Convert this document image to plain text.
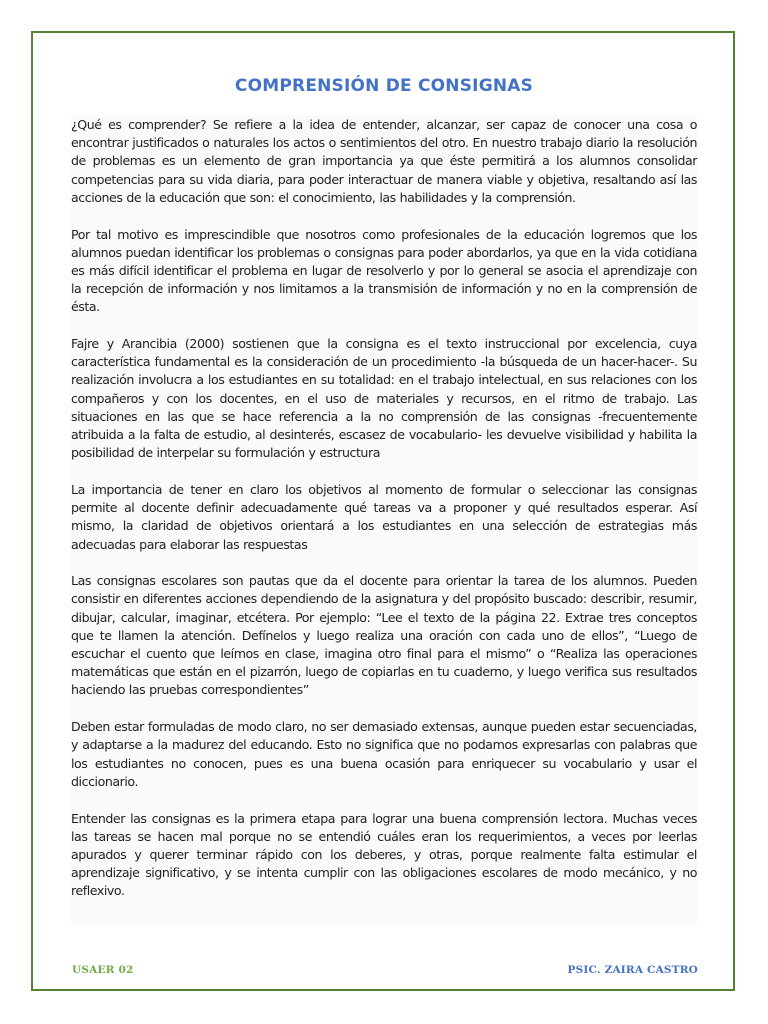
COMPRENSIÓN DE CONSIGNAS

¿Qué es comprender? Se refiere a la idea de entender, alcanzar, ser capaz de conocer una cosa o encontrar justificados o naturales los actos o sentimientos del otro. En nuestro trabajo diario la resolución de problemas es un elemento de gran importancia ya que éste permitirá a los alumnos consolidar competencias para su vida diaria, para poder interactuar de manera viable y objetiva, resaltando así las acciones de la educación que son: el conocimiento, las habilidades y la comprensión.

Por tal motivo es imprescindible que nosotros como profesionales de la educación logremos que los alumnos puedan identificar los problemas o consignas para poder abordarlos, ya que en la vida cotidiana es más difícil identificar el problema en lugar de resolverlo y por lo general se asocia el aprendizaje con la recepción de información y nos limitamos a la transmisión de información y no en la comprensión de ésta.

Fajre y Arancibia (2000) sostienen que la consigna es el texto instruccional por excelencia, cuya característica fundamental es la consideración de un procedimiento -la búsqueda de un hacer-hacer-. Su realización involucra a los estudiantes en su totalidad: en el trabajo intelectual, en sus relaciones con los compañeros y con los docentes, en el uso de materiales y recursos, en el ritmo de trabajo. Las situaciones en las que se hace referencia a la no comprensión de las consignas -frecuentemente atribuida a la falta de estudio, al desinterés, escasez de vocabulario- les devuelve visibilidad y habilita la posibilidad de interpelar su formulación y estructura

La importancia de tener en claro los objetivos al momento de formular o seleccionar las consignas permite al docente definir adecuadamente qué tareas va a proponer y qué resultados esperar. Así mismo, la claridad de objetivos orientará a los estudiantes en una selección de estrategias más adecuadas para elaborar las respuestas

Las consignas escolares son pautas que da el docente para orientar la tarea de los alumnos. Pueden consistir en diferentes acciones dependiendo de la asignatura y del propósito buscado: describir, resumir, dibujar, calcular, imaginar, etcétera. Por ejemplo: “Lee el texto de la página 22. Extrae tres conceptos que te llamen la atención. Defínelos y luego realiza una oración con cada uno de ellos”, “Luego de escuchar el cuento que leímos en clase, imagina otro final para el mismo” o “Realiza las operaciones matemáticas que están en el pizarrón, luego de copiarlas en tu cuaderno, y luego verifica sus resultados haciendo las pruebas correspondientes”

Deben estar formuladas de modo claro, no ser demasiado extensas, aunque pueden estar secuenciadas, y adaptarse a la madurez del educando. Esto no significa que no podamos expresarlas con palabras que los estudiantes no conocen, pues es una buena ocasión para enriquecer su vocabulario y usar el diccionario.

Entender las consignas es la primera etapa para lograr una buena comprensión lectora. Muchas veces las tareas se hacen mal porque no se entendió cuáles eran los requerimientos, a veces por leerlas apurados y querer terminar rápido con los deberes, y otras, porque realmente falta estimular el aprendizaje significativo, y se intenta cumplir con las obligaciones escolares de modo mecánico, y no reflexivo.

USAER 02	PSIC. ZAIRA CASTRO
